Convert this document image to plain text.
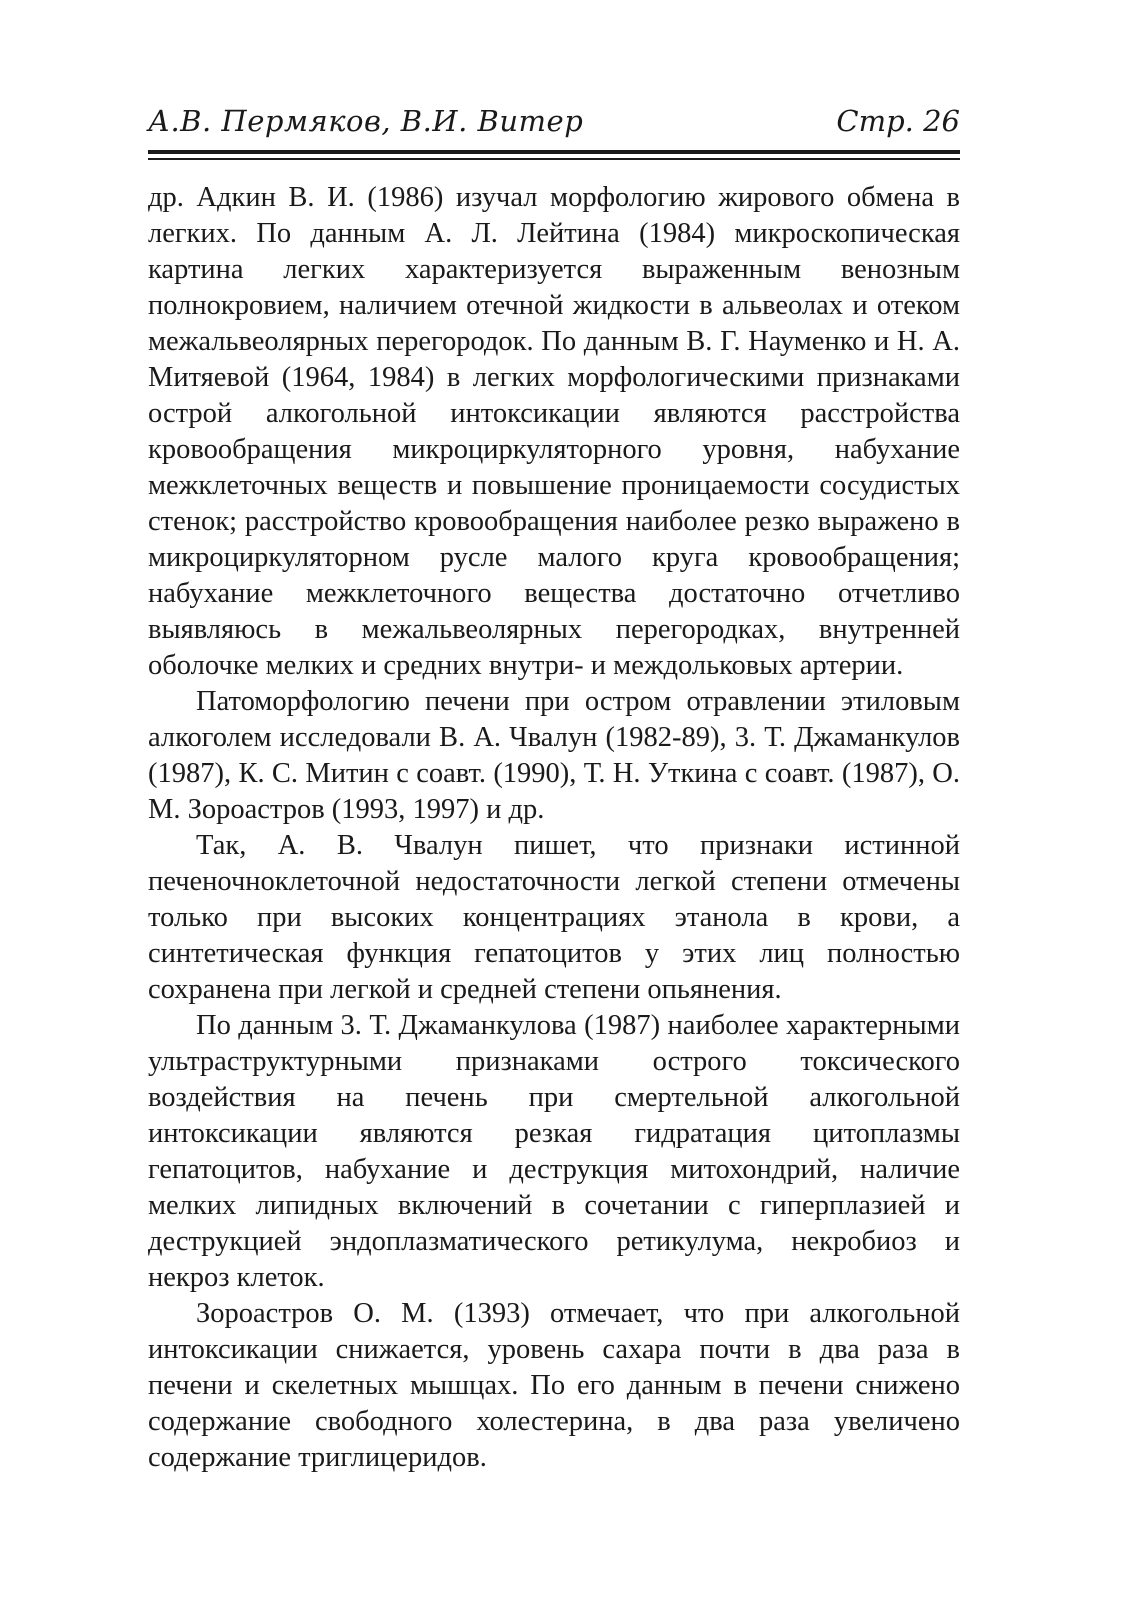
А.В. Пермяков, В.И. Витер	Стр. 26

др. Адкин В. И. (1986) изучал морфологию жирового обмена в легких. По данным А. Л. Лейтина (1984) микроскопическая картина легких характеризуется выраженным венозным полнокровием, наличием отечной жидкости в альвеолах и отеком межальвеолярных перегородок. По данным В. Г. Науменко и Н. А. Митяевой (1964, 1984) в легких морфологическими признаками острой алкогольной интоксикации являются расстройства кровообращения микроциркуляторного уровня, набухание межклеточных веществ и повышение проницаемости сосудистых стенок; расстройство кровообращения наиболее резко выражено в микроциркуляторном русле малого круга кровообращения; набухание межклеточного вещества достаточно отчетливо выявляюсь в межальвеолярных перегородках, внутренней оболочке мелких и средних внутри- и междольковых артерии.

Патоморфологию печени при остром отравлении этиловым алкоголем исследовали В. А. Чвалун (1982-89), 3. Т. Джаманкулов (1987), К. С. Митин с соавт. (1990), Т. Н. Уткина с соавт. (1987), О. М. Зороастров (1993, 1997) и др.

Так, А. В. Чвалун пишет, что признаки истинной печеночноклеточной недостаточности легкой степени отмечены только при высоких концентрациях этанола в крови, а синтетическая функция гепатоцитов у этих лиц полностью сохранена при легкой и средней степени опьянения.

По данным 3. Т. Джаманкулова (1987) наиболее характерными ультраструктурными признаками острого токсического воздействия на печень при смертельной алкогольной интоксикации являются резкая гидратация цитоплазмы гепатоцитов, набухание и деструкция митохондрий, наличие мелких липидных включений в сочетании с гиперплазией и деструкцией эндоплазматического ретикулума, некробиоз и некроз клеток.

Зороастров О. М. (1393) отмечает, что при алкогольной интоксикации снижается, уровень сахара почти в два раза в печени и скелетных мышцах. По его данным в печени снижено содержание свободного холестерина, в два раза увеличено содержание триглицеридов.
